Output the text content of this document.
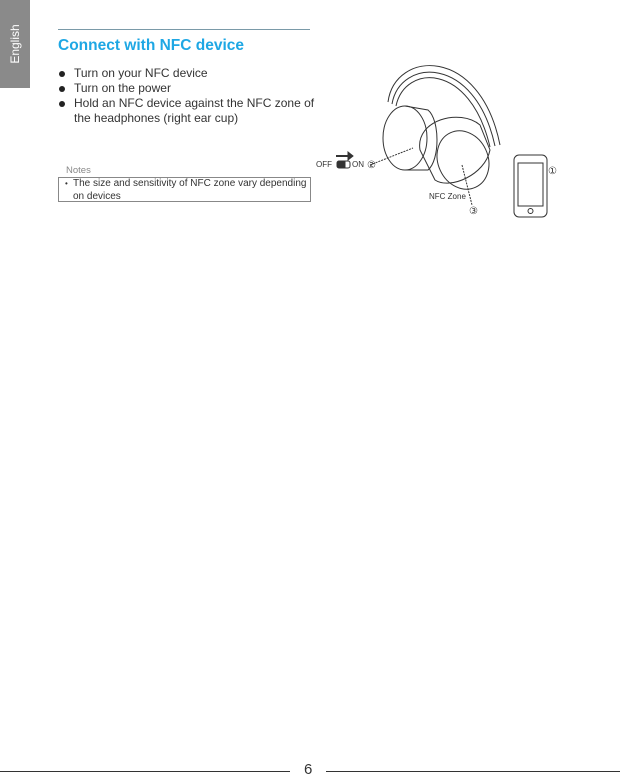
English Connect with NFC device
Turn on your NFC device
Turn on the power
Hold an NFC device against the NFC zone of the headphones (right ear cup)
Notes
• The size and sensitivity of NFC zone vary depending on devices
OFF	ON ②
NFC Zone
③
①
6
